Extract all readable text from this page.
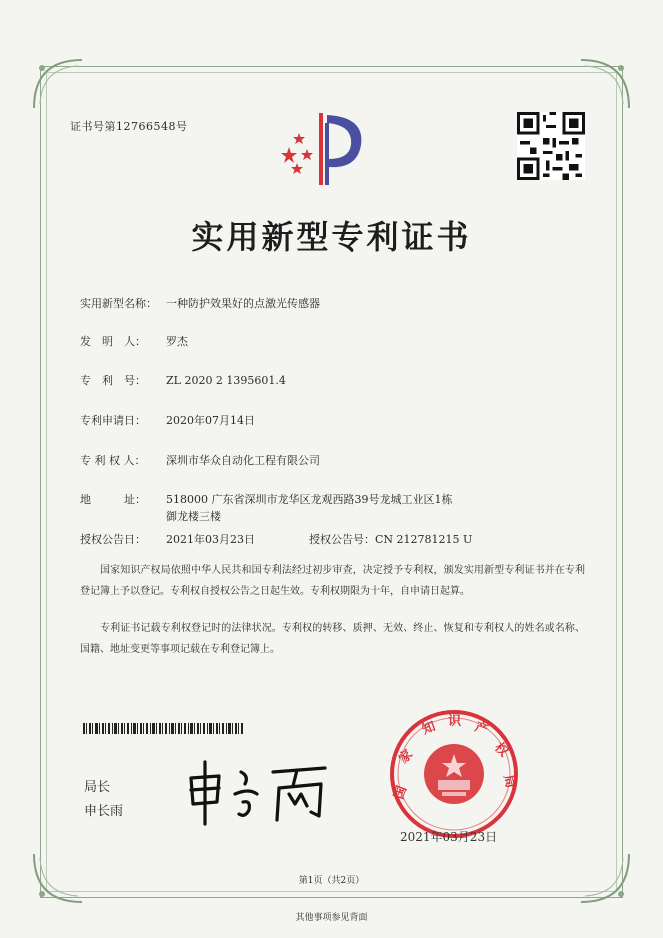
证书号第12766548号
实用新型专利证书
实用新型名称： 一种防护效果好的点激光传感器
发　明　人： 罗杰
专　利　号： ZL 2020 2 1395601.4
专利申请日： 2020年07月14日
专 利 权 人： 深圳市华众自动化工程有限公司
地　　　址： 518000 广东省深圳市龙华区龙观西路39号龙城工业区1栋
御龙楼三楼
授权公告日： 2021年03月23日	授权公告号：CN 212781215 U
国家知识产权局依照中华人民共和国专利法经过初步审查，决定授予专利权，颁发实用新型专利证书并在专利登记簿上予以登记。专利权自授权公告之日起生效。专利权期限为十年，自申请日起算。
专利证书记载专利权登记时的法律状况。专利权的转移、质押、无效、终止、恢复和专利权人的姓名或名称、国籍、地址变更等事项记载在专利登记簿上。
局长
申长雨
国
家
知 识 产
权
局
2021年03月23日
第1页（共2页）
其他事项参见背面
